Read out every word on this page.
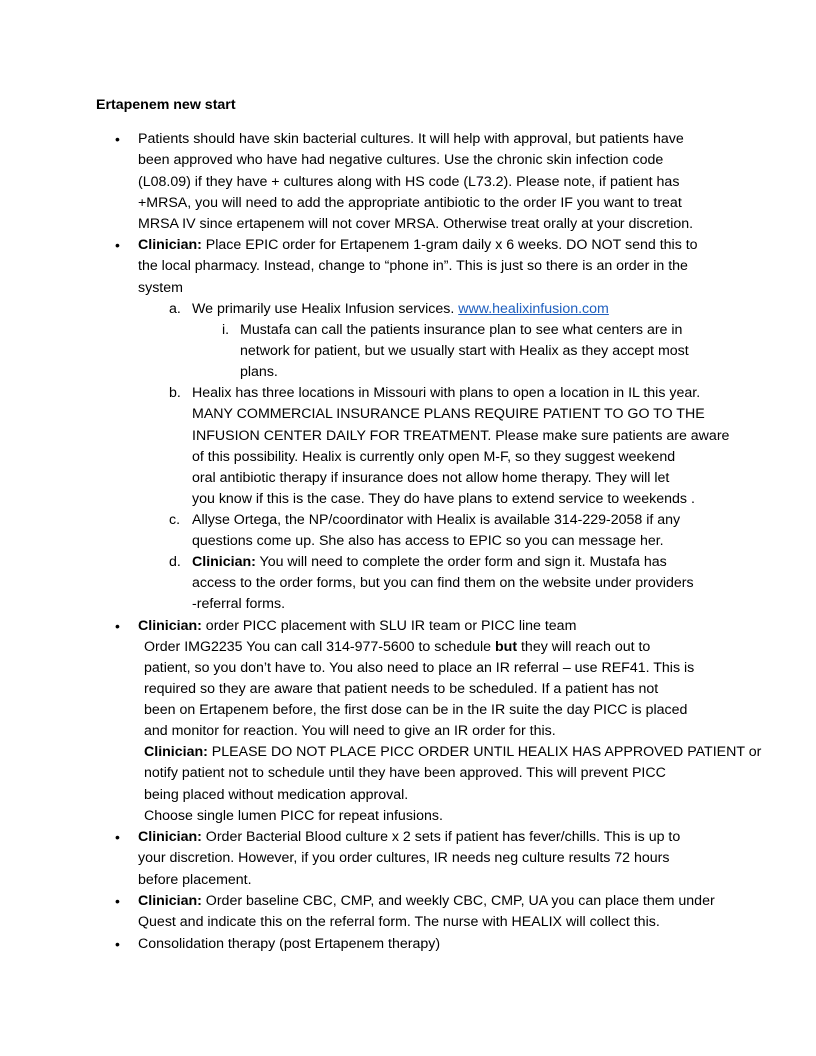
Ertapenem new start
• Patients should have skin bacterial cultures. It will help with approval, but patients have
been approved who have had negative cultures. Use the chronic skin infection code
(L08.09) if they have + cultures along with HS code (L73.2). Please note, if patient has
+MRSA, you will need to add the appropriate antibiotic to the order IF you want to treat
MRSA IV since ertapenem will not cover MRSA. Otherwise treat orally at your discretion.
• Clinician: Place EPIC order for Ertapenem 1-gram daily x 6 weeks. DO NOT send this to
the local pharmacy. Instead, change to “phone in”. This is just so there is an order in the
system
a. We primarily use Healix Infusion services. www.healixinfusion.com
i. Mustafa can call the patients insurance plan to see what centers are in
network for patient, but we usually start with Healix as they accept most
plans.
b. Healix has three locations in Missouri with plans to open a location in IL this year.
MANY COMMERCIAL INSURANCE PLANS REQUIRE PATIENT TO GO TO THE
INFUSION CENTER DAILY FOR TREATMENT. Please make sure patients are aware
of this possibility. Healix is currently only open M-F, so they suggest weekend
oral antibiotic therapy if insurance does not allow home therapy. They will let
you know if this is the case. They do have plans to extend service to weekends .
c. Allyse Ortega, the NP/coordinator with Healix is available 314-229-2058 if any
questions come up. She also has access to EPIC so you can message her.
d. Clinician: You will need to complete the order form and sign it. Mustafa has
access to the order forms, but you can find them on the website under providers
-referral forms.
• Clinician: order PICC placement with SLU IR team or PICC line team
Order IMG2235 You can call 314-977-5600 to schedule but they will reach out to
patient, so you don’t have to. You also need to place an IR referral – use REF41. This is
required so they are aware that patient needs to be scheduled. If a patient has not
been on Ertapenem before, the first dose can be in the IR suite the day PICC is placed
and monitor for reaction. You will need to give an IR order for this.
Clinician: PLEASE DO NOT PLACE PICC ORDER UNTIL HEALIX HAS APPROVED PATIENT or
notify patient not to schedule until they have been approved. This will prevent PICC
being placed without medication approval.
Choose single lumen PICC for repeat infusions.
• Clinician: Order Bacterial Blood culture x 2 sets if patient has fever/chills. This is up to
your discretion. However, if you order cultures, IR needs neg culture results 72 hours
before placement.
• Clinician: Order baseline CBC, CMP, and weekly CBC, CMP, UA you can place them under
Quest and indicate this on the referral form. The nurse with HEALIX will collect this.
• Consolidation therapy (post Ertapenem therapy)
